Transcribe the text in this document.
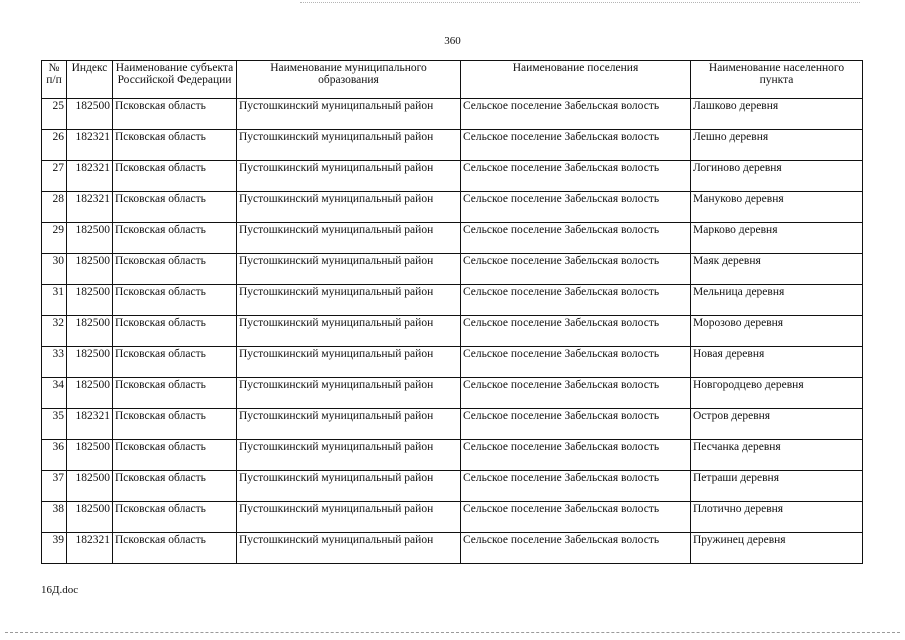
360
№ п/п	Индекс	Наименование субъекта Российской Федерации	Наименование муниципального образования	Наименование поселения	Наименование населенного пункта
25	182500	Псковская область	Пустошкинский муниципальный район	Сельское поселение Забельская волость	Лашково деревня
26	182321	Псковская область	Пустошкинский муниципальный район	Сельское поселение Забельская волость	Лешно деревня
27	182321	Псковская область	Пустошкинский муниципальный район	Сельское поселение Забельская волость	Логиново деревня
28	182321	Псковская область	Пустошкинский муниципальный район	Сельское поселение Забельская волость	Мануково деревня
29	182500	Псковская область	Пустошкинский муниципальный район	Сельское поселение Забельская волость	Марково деревня
30	182500	Псковская область	Пустошкинский муниципальный район	Сельское поселение Забельская волость	Маяк деревня
31	182500	Псковская область	Пустошкинский муниципальный район	Сельское поселение Забельская волость	Мельница деревня
32	182500	Псковская область	Пустошкинский муниципальный район	Сельское поселение Забельская волость	Морозово деревня
33	182500	Псковская область	Пустошкинский муниципальный район	Сельское поселение Забельская волость	Новая деревня
34	182500	Псковская область	Пустошкинский муниципальный район	Сельское поселение Забельская волость	Новгородцево деревня
35	182321	Псковская область	Пустошкинский муниципальный район	Сельское поселение Забельская волость	Остров деревня
36	182500	Псковская область	Пустошкинский муниципальный район	Сельское поселение Забельская волость	Песчанка деревня
37	182500	Псковская область	Пустошкинский муниципальный район	Сельское поселение Забельская волость	Петраши деревня
38	182500	Псковская область	Пустошкинский муниципальный район	Сельское поселение Забельская волость	Плотично деревня
39	182321	Псковская область	Пустошкинский муниципальный район	Сельское поселение Забельская волость	Пружинец деревня
16Д.doc
